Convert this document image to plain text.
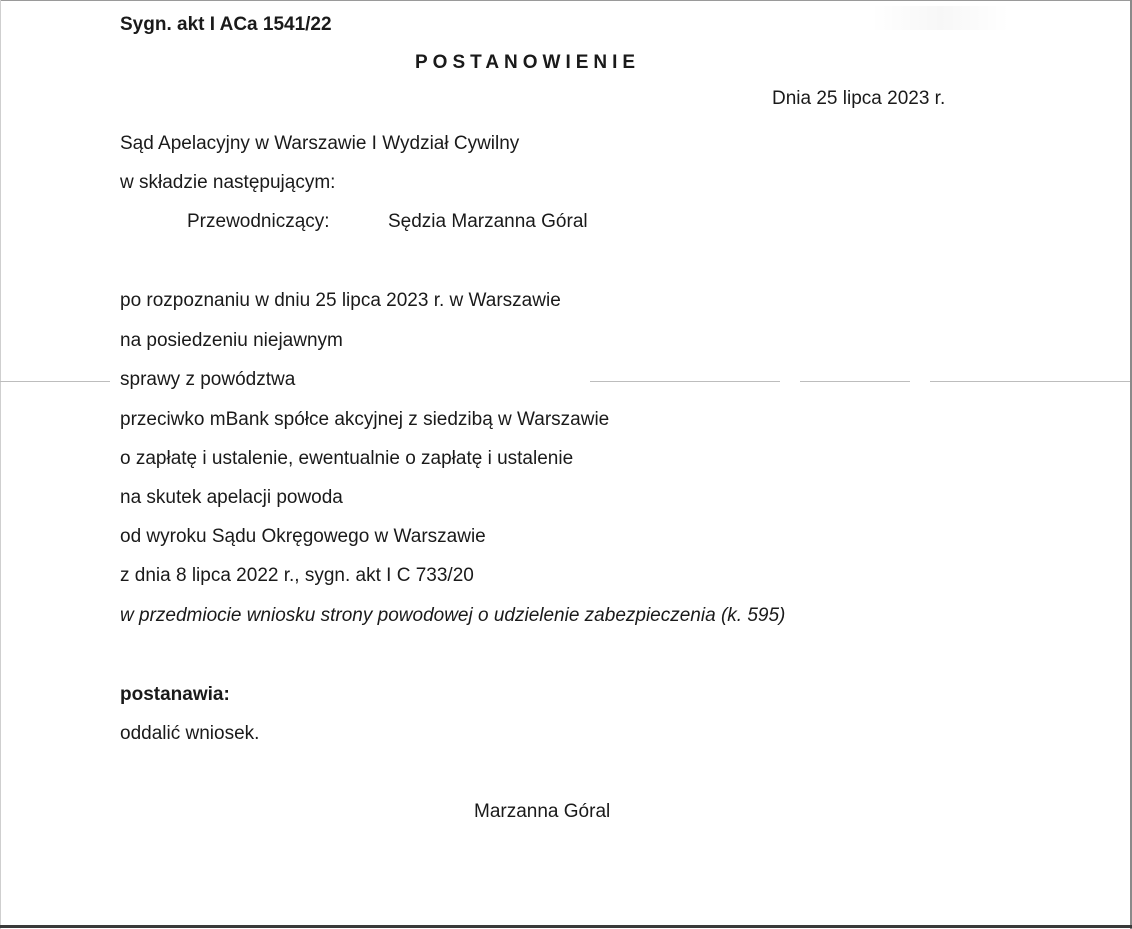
Sygn. akt I ACa 1541/22
POSTANOWIENIE
Dnia 25 lipca 2023 r.
Sąd Apelacyjny w Warszawie I Wydział Cywilny
w składzie następującym:
Przewodniczący:	Sędzia Marzanna Góral
po rozpoznaniu w dniu 25 lipca 2023 r. w Warszawie
na posiedzeniu niejawnym
sprawy z powództwa
przeciwko mBank spółce akcyjnej z siedzibą w Warszawie
o zapłatę i ustalenie, ewentualnie o zapłatę i ustalenie
na skutek apelacji powoda
od wyroku Sądu Okręgowego w Warszawie
z dnia 8 lipca 2022 r., sygn. akt I C 733/20
w przedmiocie wniosku strony powodowej o udzielenie zabezpieczenia (k. 595)
postanawia:
oddalić wniosek.
Marzanna Góral
